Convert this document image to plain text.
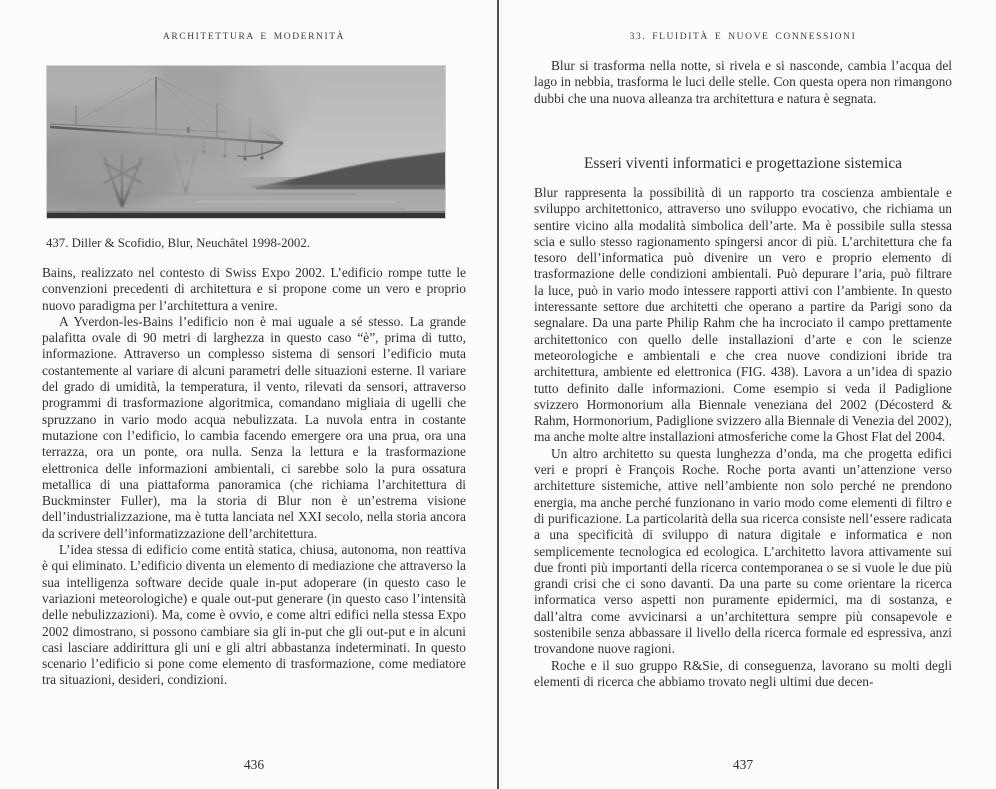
ARCHITETTURA E MODERNITÀ
437. Diller & Scofidio, Blur, Neuchâtel 1998-2002.

Bains, realizzato nel contesto di Swiss Expo 2002. L’edificio rompe tutte le convenzioni precedenti di architettura e si propone come un vero e proprio nuovo paradigma per l’architettura a venire.

A Yverdon-les-Bains l’edificio non è mai uguale a sé stesso. La grande palafitta ovale di 90 metri di larghezza in questo caso “è”, prima di tutto, informazione. Attraverso un complesso sistema di sensori l’edificio muta costantemente al variare di alcuni parametri delle situazioni esterne. Il variare del grado di umidità, la temperatura, il vento, rilevati da sensori, attraverso programmi di trasformazione algoritmica, comandano migliaia di ugelli che spruzzano in vario modo acqua nebulizzata. La nuvola entra in costante mutazione con l’edificio, lo cambia facendo emergere ora una prua, ora una terrazza, ora un ponte, ora nulla. Senza la lettura e la trasformazione elettronica delle informazioni ambientali, ci sarebbe solo la pura ossatura metallica di una piattaforma panoramica (che richiama l’architettura di Buckminster Fuller), ma la storia di Blur non è un’estrema visione dell’industrializzazione, ma è tutta lanciata nel XXI secolo, nella storia ancora da scrivere dell’informatizzazione dell’architettura.

L’idea stessa di edificio come entità statica, chiusa, autonoma, non reattiva è qui eliminato. L’edificio diventa un elemento di mediazione che attraverso la sua intelligenza software decide quale in-put adoperare (in questo caso le variazioni meteorologiche) e quale out-put generare (in questo caso l’intensità delle nebulizzazioni). Ma, come è ovvio, e come altri edifici nella stessa Expo 2002 dimostrano, si possono cambiare sia gli in-put che gli out-put e in alcuni casi lasciare addirittura gli uni e gli altri abbastanza indeterminati. In questo scenario l’edificio si pone come elemento di trasformazione, come mediatore tra situazioni, desideri, condizioni.

436
33. FLUIDITÀ E NUOVE CONNESSIONI

Blur si trasforma nella notte, si rivela e si nasconde, cambia l’acqua del lago in nebbia, trasforma le luci delle stelle. Con questa opera non rimangono dubbi che una nuova alleanza tra architettura e natura è segnata.

Esseri viventi informatici e progettazione sistemica

Blur rappresenta la possibilità di un rapporto tra coscienza ambientale e sviluppo architettonico, attraverso uno sviluppo evocativo, che richiama un sentire vicino alla modalità simbolica dell’arte. Ma è possibile sulla stessa scia e sullo stesso ragionamento spingersi ancor di più. L’architettura che fa tesoro dell’informatica può divenire un vero e proprio elemento di trasformazione delle condizioni ambientali. Può depurare l’aria, può filtrare la luce, può in vario modo intessere rapporti attivi con l’ambiente. In questo interessante settore due architetti che operano a partire da Parigi sono da segnalare. Da una parte Philip Rahm che ha incrociato il campo prettamente architettonico con quello delle installazioni d’arte e con le scienze meteorologiche e ambientali e che crea nuove condizioni ibride tra architettura, ambiente ed elettronica (FIG. 438). Lavora a un’idea di spazio tutto definito dalle informazioni. Come esempio si veda il Padiglione svizzero Hormonorium alla Biennale veneziana del 2002 (Décosterd & Rahm, Hormonorium, Padiglione svizzero alla Biennale di Venezia del 2002), ma anche molte altre installazioni atmosferiche come la Ghost Flat del 2004.

Un altro architetto su questa lunghezza d’onda, ma che progetta edifici veri e propri è François Roche. Roche porta avanti un’attenzione verso architetture sistemiche, attive nell’ambiente non solo perché ne prendono energia, ma anche perché funzionano in vario modo come elementi di filtro e di purificazione. La particolarità della sua ricerca consiste nell’essere radicata a una specificità di sviluppo di natura digitale e informatica e non semplicemente tecnologica ed ecologica. L’architetto lavora attivamente sui due fronti più importanti della ricerca contemporanea o se si vuole le due più grandi crisi che ci sono davanti. Da una parte su come orientare la ricerca informatica verso aspetti non puramente epidermici, ma di sostanza, e dall’altra come avvicinarsi a un’architettura sempre più consapevole e sostenibile senza abbassare il livello della ricerca formale ed espressiva, anzi trovandone nuove ragioni.

Roche e il suo gruppo R&Sie, di conseguenza, lavorano su molti degli elementi di ricerca che abbiamo trovato negli ultimi due decen-

437
